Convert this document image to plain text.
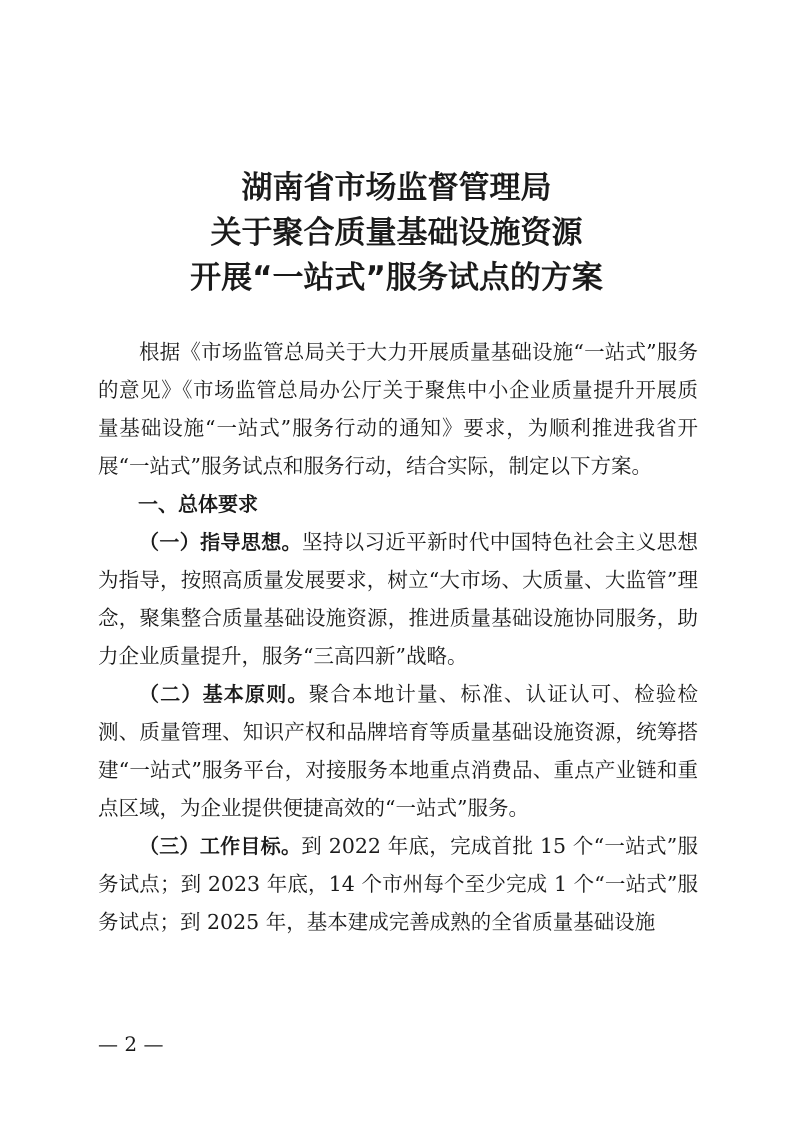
湖南省市场监督管理局
关于聚合质量基础设施资源
开展“一站式”服务试点的方案

根据《市场监管总局关于大力开展质量基础设施“一站式”服务的意见》《市场监管总局办公厅关于聚焦中小企业质量提升开展质量基础设施“一站式”服务行动的通知》要求，为顺利推进我省开展“一站式”服务试点和服务行动，结合实际，制定以下方案。

一、总体要求

（一）指导思想。坚持以习近平新时代中国特色社会主义思想为指导，按照高质量发展要求，树立“大市场、大质量、大监管”理念，聚集整合质量基础设施资源，推进质量基础设施协同服务，助力企业质量提升，服务“三高四新”战略。

（二）基本原则。聚合本地计量、标准、认证认可、检验检测、质量管理、知识产权和品牌培育等质量基础设施资源，统筹搭建“一站式”服务平台，对接服务本地重点消费品、重点产业链和重点区域，为企业提供便捷高效的“一站式”服务。

（三）工作目标。到 2022 年底，完成首批 15 个“一站式”服务试点；到 2023 年底，14 个市州每个至少完成 1 个“一站式”服务试点；到 2025 年，基本建成完善成熟的全省质量基础设施

— 2 —
